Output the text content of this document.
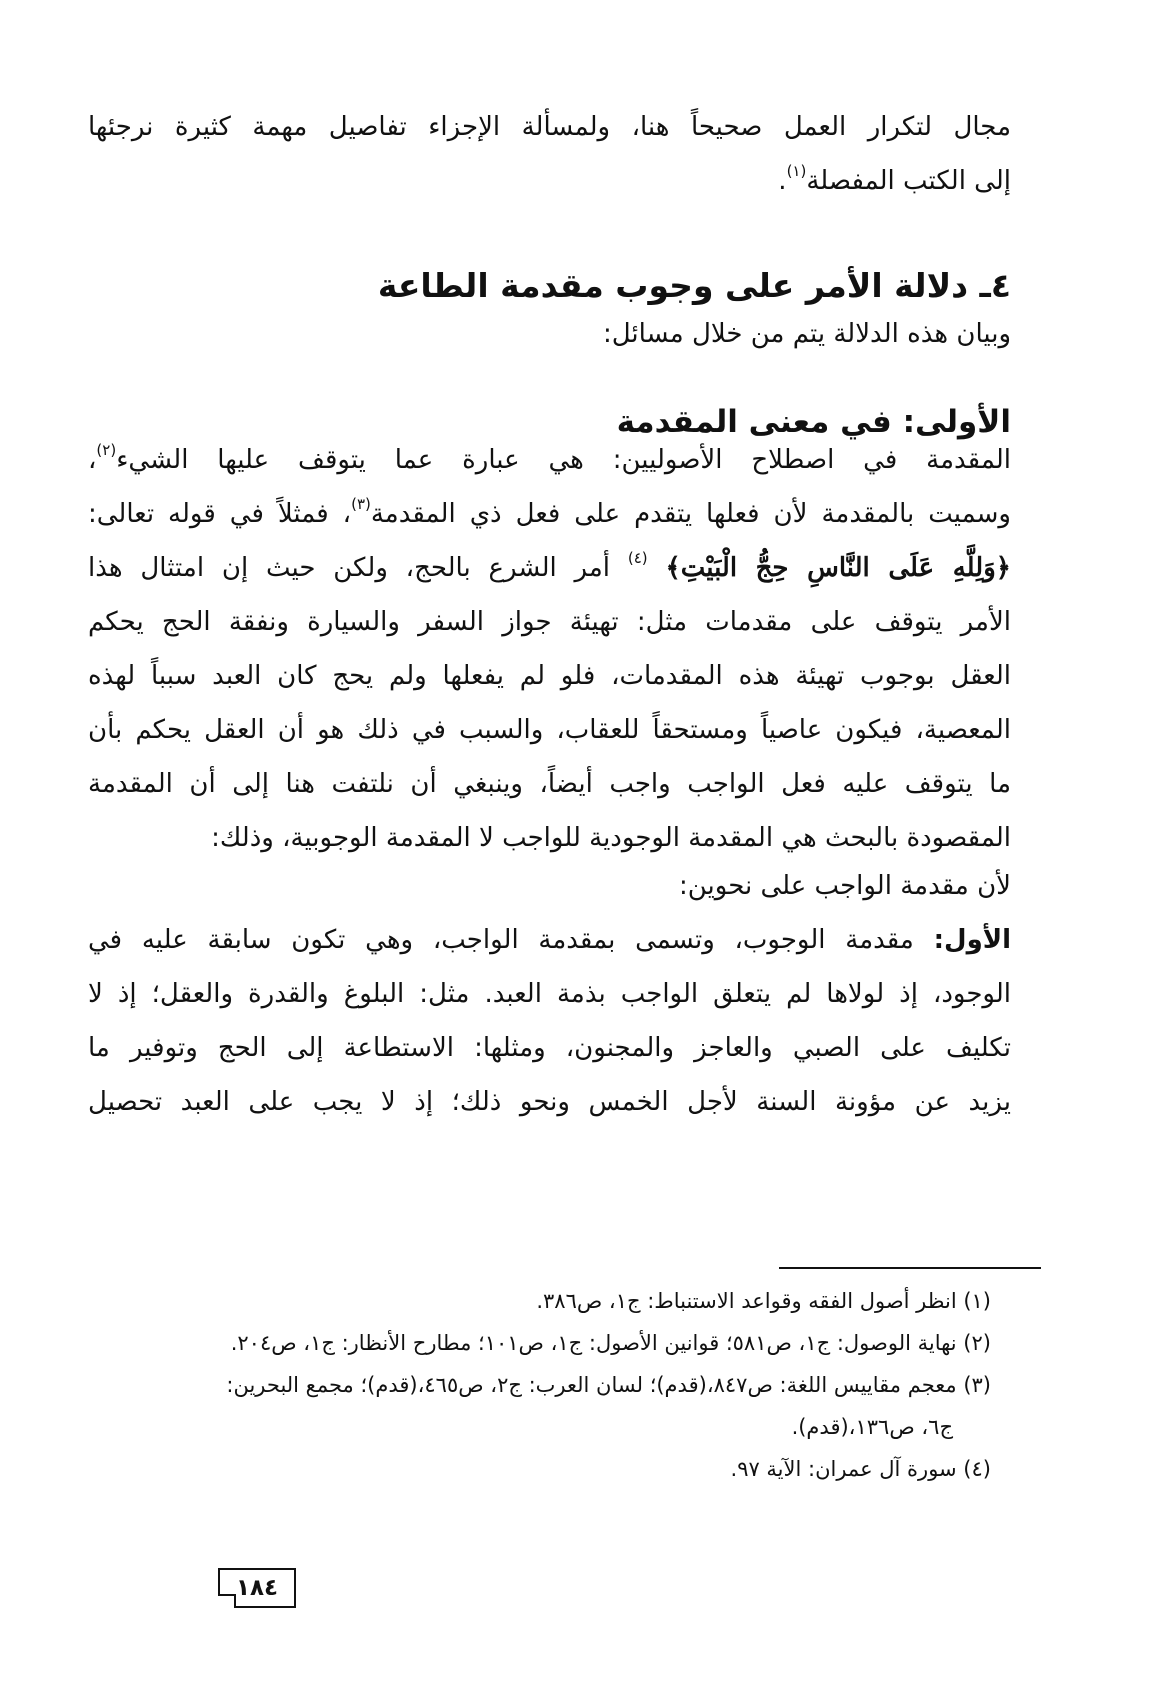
مجال لتكرار العمل صحيحاً هنا، ولمسألة الإجزاء تفاصيل مهمة كثيرة نرجئها

إلى الكتب المفصلة$^{(١)}$.

٤ـ دلالة الأمر على وجوب مقدمة الطاعة

وبيان هذه الدلالة يتم من خلال مسائل:

الأولى: في معنى المقدمة

المقدمة في اصطلاح الأصوليين: هي عبارة عما يتوقف عليها الشيء$^{(٢)}$،

وسميت بالمقدمة لأن فعلها يتقدم على فعل ذي المقدمة$^{(٣)}$، فمثلاً في قوله تعالى:

﴿وَلِلَّهِ عَلَى النَّاسِ حِجُّ الْبَيْتِ﴾ $^{(٤)}$ أمر الشرع بالحج، ولكن حيث إن امتثال هذا

الأمر يتوقف على مقدمات مثل: تهيئة جواز السفر والسيارة ونفقة الحج يحكم

العقل بوجوب تهيئة هذه المقدمات، فلو لم يفعلها ولم يحج كان العبد سبباً لهذه

المعصية، فيكون عاصياً ومستحقاً للعقاب، والسبب في ذلك هو أن العقل يحكم بأن

ما يتوقف عليه فعل الواجب واجب أيضاً، وينبغي أن نلتفت هنا إلى أن المقدمة

المقصودة بالبحث هي المقدمة الوجودية للواجب لا المقدمة الوجوبية، وذلك:

لأن مقدمة الواجب على نحوين:

الأول: مقدمة الوجوب، وتسمى بمقدمة الواجب، وهي تكون سابقة عليه في

الوجود، إذ لولاها لم يتعلق الواجب بذمة العبد. مثل: البلوغ والقدرة والعقل؛ إذ لا

تكليف على الصبي والعاجز والمجنون، ومثلها: الاستطاعة إلى الحج وتوفير ما

يزيد عن مؤونة السنة لأجل الخمس ونحو ذلك؛ إذ لا يجب على العبد تحصيل

(١) انظر أصول الفقه وقواعد الاستنباط: ج١، ص٣٨٦.

(٢) نهاية الوصول: ج١، ص٥٨١؛ قوانين الأصول: ج١، ص١٠١؛ مطارح الأنظار: ج١، ص٢٠٤.

(٣) معجم مقاييس اللغة: ص٨٤٧،(قدم)؛ لسان العرب: ج٢، ص٤٦٥،(قدم)؛ مجمع البحرين:

ج٦، ص١٣٦،(قدم).

(٤) سورة آل عمران: الآية ٩٧.

١٨٤
